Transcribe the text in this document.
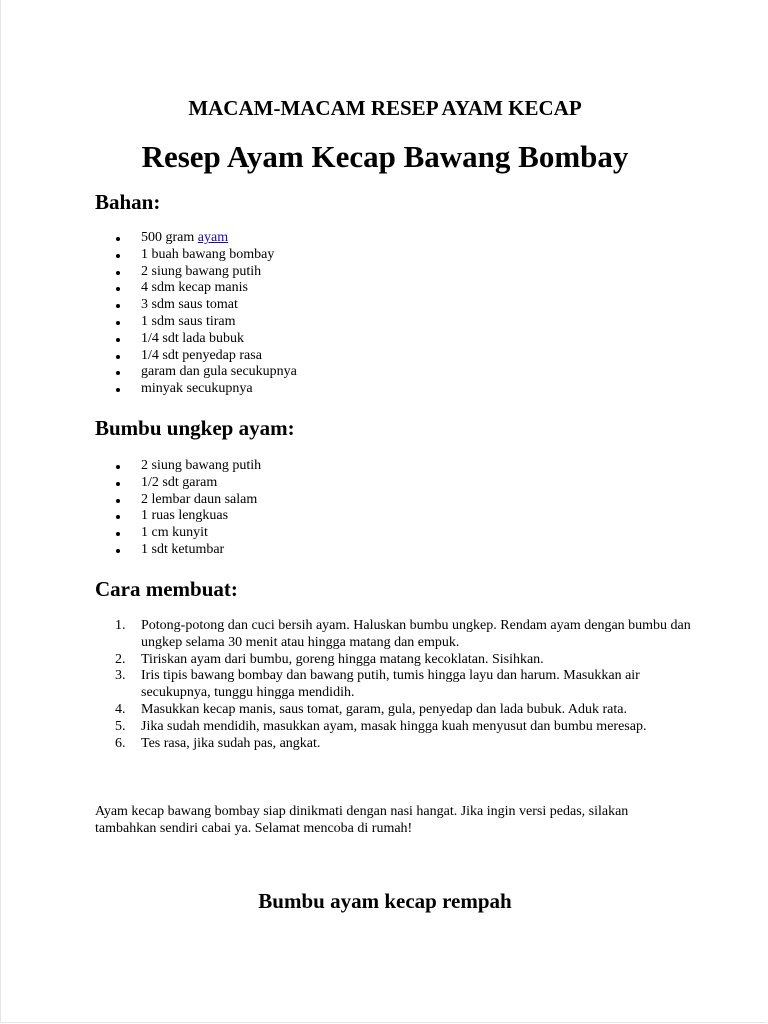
MACAM-MACAM RESEP AYAM KECAP
Resep Ayam Kecap Bawang Bombay
Bahan:
500 gram ayam
1 buah bawang bombay
2 siung bawang putih
4 sdm kecap manis
3 sdm saus tomat
1 sdm saus tiram
1/4 sdt lada bubuk
1/4 sdt penyedap rasa
garam dan gula secukupnya
minyak secukupnya
Bumbu ungkep ayam:
2 siung bawang putih
1/2 sdt garam
2 lembar daun salam
1 ruas lengkuas
1 cm kunyit
1 sdt ketumbar
Cara membuat:
1. Potong-potong dan cuci bersih ayam. Haluskan bumbu ungkep. Rendam ayam dengan bumbu dan ungkep selama 30 menit atau hingga matang dan empuk.
2. Tiriskan ayam dari bumbu, goreng hingga matang kecoklatan. Sisihkan.
3. Iris tipis bawang bombay dan bawang putih, tumis hingga layu dan harum. Masukkan air secukupnya, tunggu hingga mendidih.
4. Masukkan kecap manis, saus tomat, garam, gula, penyedap dan lada bubuk. Aduk rata.
5. Jika sudah mendidih, masukkan ayam, masak hingga kuah menyusut dan bumbu meresap.
6. Tes rasa, jika sudah pas, angkat.

Ayam kecap bawang bombay siap dinikmati dengan nasi hangat. Jika ingin versi pedas, silakan tambahkan sendiri cabai ya. Selamat mencoba di rumah!

Bumbu ayam kecap rempah
